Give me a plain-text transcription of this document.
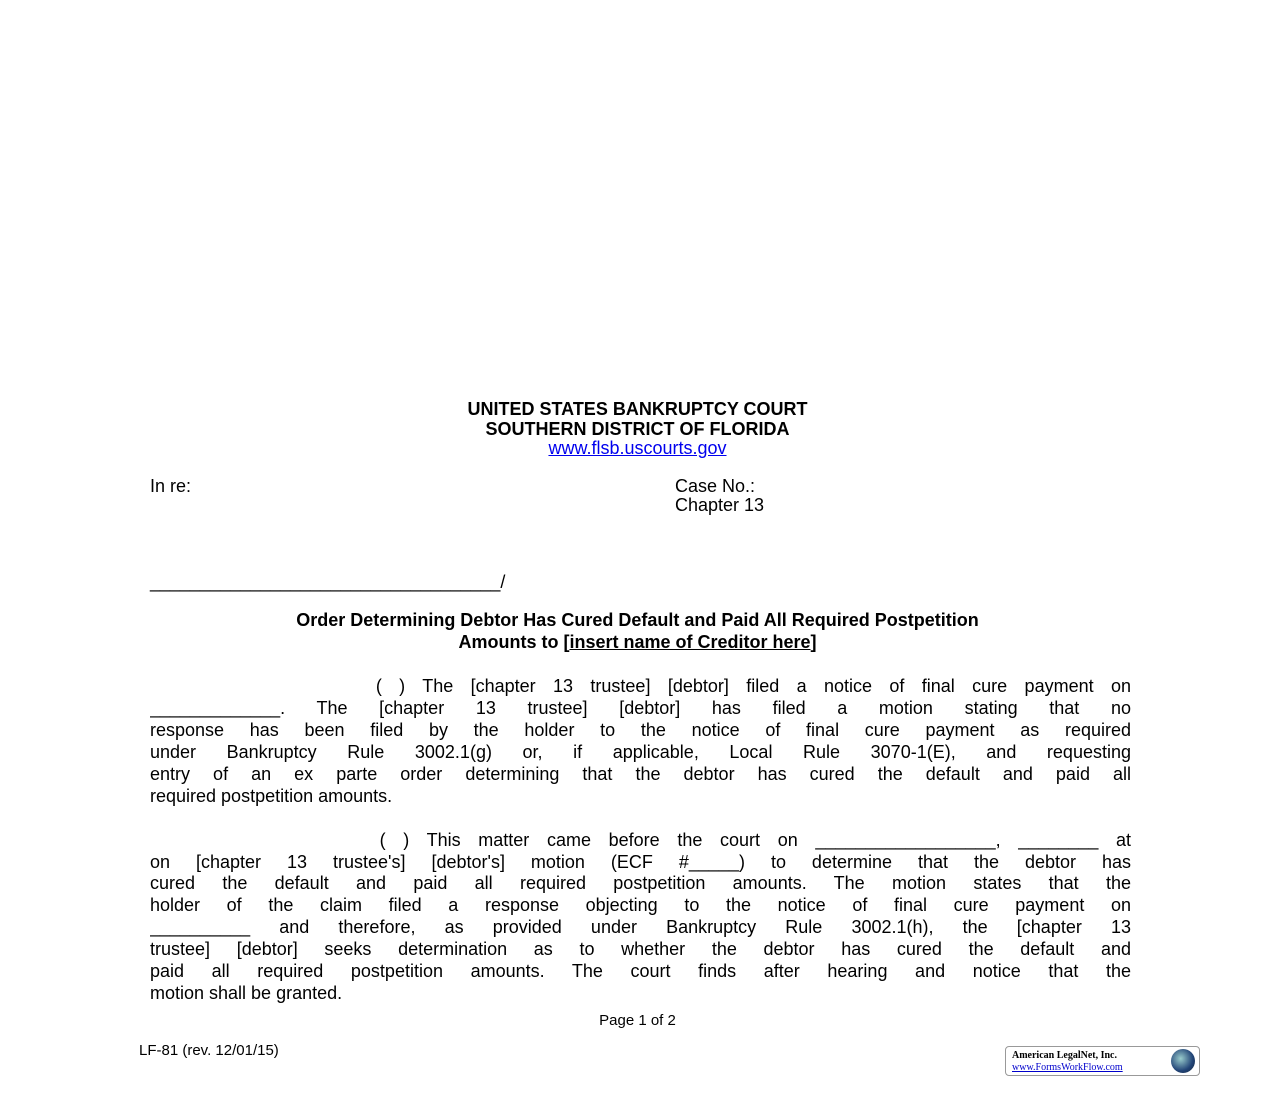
UNITED STATES BANKRUPTCY COURT
SOUTHERN DISTRICT OF FLORIDA
www.flsb.uscourts.gov
In re:	Case No.:
Chapter 13
___________________________________/
Order Determining Debtor Has Cured Default and Paid All Required Postpetition
Amounts to [insert name of Creditor here]
( ) The [chapter 13 trustee] [debtor] filed a notice of final cure payment on
_____________. The [chapter 13 trustee] [debtor] has filed a motion stating that no
response has been filed by the holder to the notice of final cure payment as required
under Bankruptcy Rule 3002.1(g) or, if applicable, Local Rule 3070-1(E), and requesting
entry of an ex parte order determining that the debtor has cured the default and paid all
required postpetition amounts.
( ) This matter came before the court on __________________, ________ at
on [chapter 13 trustee's] [debtor's] motion (ECF #_____) to determine that the debtor has
cured the default and paid all required postpetition amounts. The motion states that the
holder of the claim filed a response objecting to the notice of final cure payment on
__________ and therefore, as provided under Bankruptcy Rule 3002.1(h), the [chapter 13
trustee] [debtor] seeks determination as to whether the debtor has cured the default and
paid all required postpetition amounts. The court finds after hearing and notice that the
motion shall be granted.
Page 1 of 2
LF-81 (rev. 12/01/15)	American LegalNet, Inc.
www.FormsWorkFlow.com
